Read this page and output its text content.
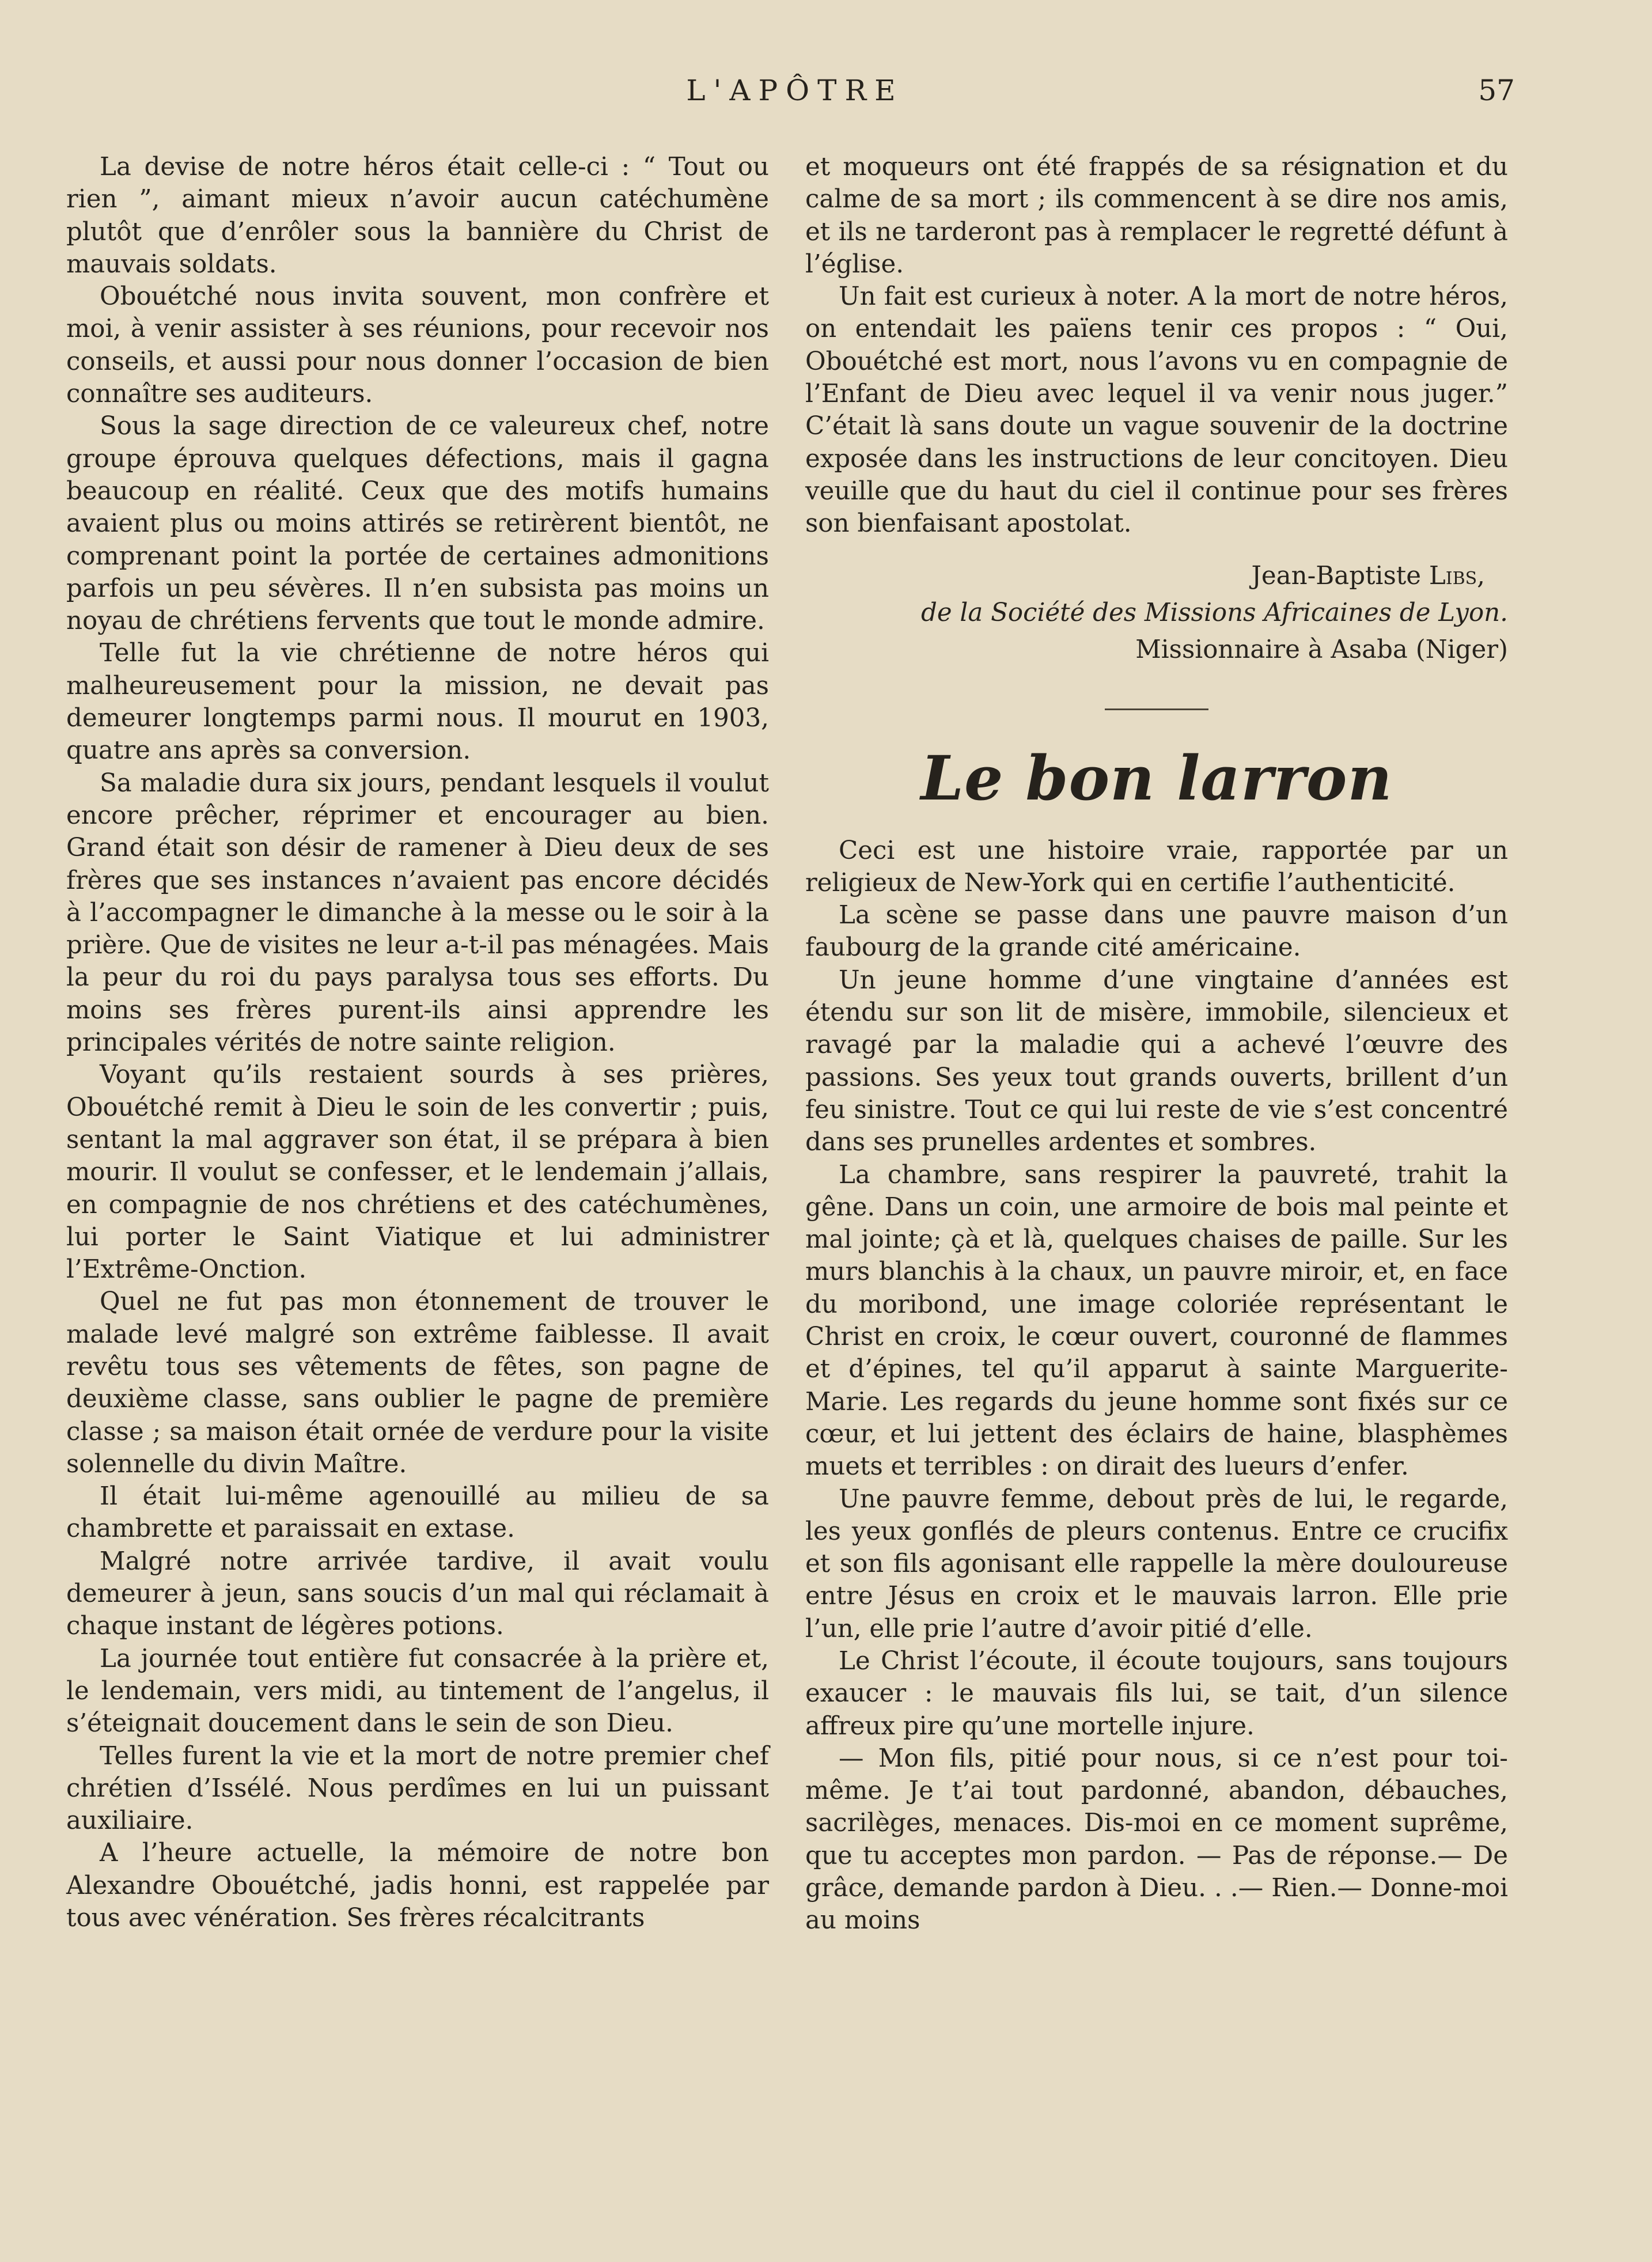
L'APÔTRE	57

La devise de notre héros était celle-ci : “ Tout ou rien ”, aimant mieux n’avoir aucun catéchumène plutôt que d’enrôler sous la bannière du Christ de mauvais soldats.

Obouétché nous invita souvent, mon confrère et moi, à venir assister à ses réunions, pour recevoir nos conseils, et aussi pour nous donner l’occasion de bien connaître ses auditeurs.

Sous la sage direction de ce valeureux chef, notre groupe éprouva quelques défections, mais il gagna beaucoup en réalité. Ceux que des motifs humains avaient plus ou moins attirés se retirèrent bientôt, ne comprenant point la portée de certaines admonitions parfois un peu sévères. Il n’en subsista pas moins un noyau de chrétiens fervents que tout le monde admire.

Telle fut la vie chrétienne de notre héros qui malheureusement pour la mission, ne devait pas demeurer longtemps parmi nous. Il mourut en 1903, quatre ans après sa conversion.

Sa maladie dura six jours, pendant lesquels il voulut encore prêcher, réprimer et encourager au bien. Grand était son désir de ramener à Dieu deux de ses frères que ses instances n’avaient pas encore décidés à l’accompagner le dimanche à la messe ou le soir à la prière. Que de visites ne leur a-t-il pas ménagées. Mais la peur du roi du pays paralysa tous ses efforts. Du moins ses frères purent-ils ainsi apprendre les principales vérités de notre sainte religion.

Voyant qu’ils restaient sourds à ses prières, Obouétché remit à Dieu le soin de les convertir ; puis, sentant la mal aggraver son état, il se prépara à bien mourir. Il voulut se confesser, et le lendemain j’allais, en compagnie de nos chrétiens et des catéchumènes, lui porter le Saint Viatique et lui administrer l’Extrême-Onction.

Quel ne fut pas mon étonnement de trouver le malade levé malgré son extrême faiblesse. Il avait revêtu tous ses vêtements de fêtes, son pagne de deuxième classe, sans oublier le pagne de première classe ; sa maison était ornée de verdure pour la visite solennelle du divin Maître.

Il était lui-même agenouillé au milieu de sa chambrette et paraissait en extase.

Malgré notre arrivée tardive, il avait voulu demeurer à jeun, sans soucis d’un mal qui réclamait à chaque instant de légères potions.

La journée tout entière fut consacrée à la prière et, le lendemain, vers midi, au tintement de l’angelus, il s’éteignait doucement dans le sein de son Dieu.

Telles furent la vie et la mort de notre premier chef chrétien d’Issélé. Nous perdîmes en lui un puissant auxiliaire.

A l’heure actuelle, la mémoire de notre bon Alexandre Obouétché, jadis honni, est rappelée par tous avec vénération. Ses frères récalcitrants

et moqueurs ont été frappés de sa résignation et du calme de sa mort ; ils commencent à se dire nos amis, et ils ne tarderont pas à remplacer le regretté défunt à l’église.

Un fait est curieux à noter. A la mort de notre héros, on entendait les païens tenir ces propos : “ Oui, Obouétché est mort, nous l’avons vu en compagnie de l’Enfant de Dieu avec lequel il va venir nous juger.” C’était là sans doute un vague souvenir de la doctrine exposée dans les instructions de leur concitoyen. Dieu veuille que du haut du ciel il continue pour ses frères son bienfaisant apostolat.

Jean-Baptiste Libs,
de la Société des Missions Africaines de Lyon.
Missionnaire à Asaba (Niger)
Le bon larron

Ceci est une histoire vraie, rapportée par un religieux de New-York qui en certifie l’authenticité.

La scène se passe dans une pauvre maison d’un faubourg de la grande cité américaine.

Un jeune homme d’une vingtaine d’années est étendu sur son lit de misère, immobile, silencieux et ravagé par la maladie qui a achevé l’œuvre des passions. Ses yeux tout grands ouverts, brillent d’un feu sinistre. Tout ce qui lui reste de vie s’est concentré dans ses prunelles ardentes et sombres.

La chambre, sans respirer la pauvreté, trahit la gêne. Dans un coin, une armoire de bois mal peinte et mal jointe; çà et là, quelques chaises de paille. Sur les murs blanchis à la chaux, un pauvre miroir, et, en face du moribond, une image coloriée représentant le Christ en croix, le cœur ouvert, couronné de flammes et d’épines, tel qu’il apparut à sainte Marguerite-Marie. Les regards du jeune homme sont fixés sur ce cœur, et lui jettent des éclairs de haine, blasphèmes muets et terribles : on dirait des lueurs d’enfer.

Une pauvre femme, debout près de lui, le regarde, les yeux gonflés de pleurs contenus. Entre ce crucifix et son fils agonisant elle rappelle la mère douloureuse entre Jésus en croix et le mauvais larron. Elle prie l’un, elle prie l’autre d’avoir pitié d’elle.

Le Christ l’écoute, il écoute toujours, sans toujours exaucer : le mauvais fils lui, se tait, d’un silence affreux pire qu’une mortelle injure.

— Mon fils, pitié pour nous, si ce n’est pour toi-même. Je t’ai tout pardonné, abandon, débauches, sacrilèges, menaces. Dis-moi en ce moment suprême, que tu acceptes mon pardon. — Pas de réponse.— De grâce, demande pardon à Dieu. . .— Rien.— Donne-moi au moins
